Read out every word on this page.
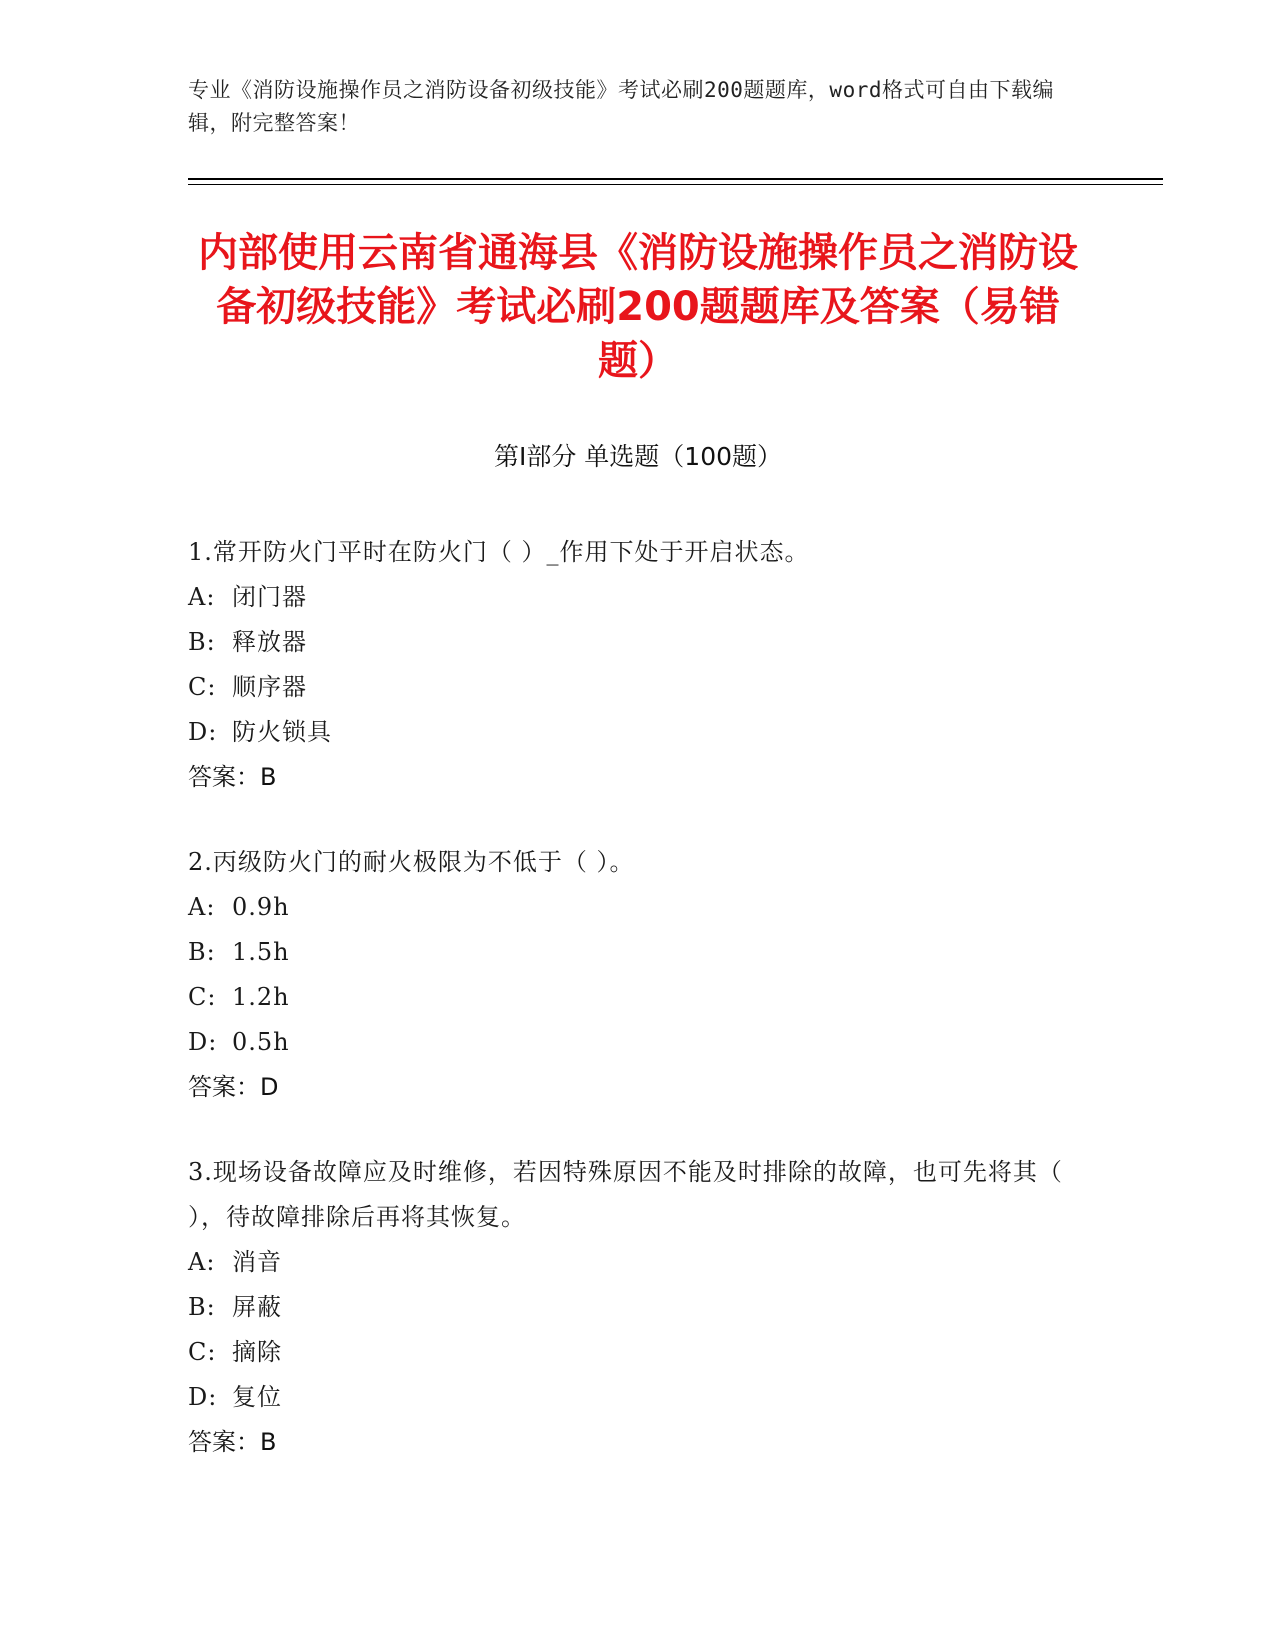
专业《消防设施操作员之消防设备初级技能》考试必刷200题题库，word格式可自由下载编辑，附完整答案！
内部使用云南省通海县《消防设施操作员之消防设备初级技能》考试必刷200题题库及答案（易错题）
第Ⅰ部分 单选题（100题）
1.常开防火门平时在防火门（ ）_作用下处于开启状态。
A: 闭门器
B: 释放器
C: 顺序器
D: 防火锁具
答案：B
2.丙级防火门的耐火极限为不低于（ ）。
A: 0.9h
B: 1.5h
C: 1.2h
D: 0.5h
答案：D
3.现场设备故障应及时维修，若因特殊原因不能及时排除的故障，也可先将其（ ），待故障排除后再将其恢复。
A: 消音
B: 屏蔽
C: 摘除
D: 复位
答案：B
